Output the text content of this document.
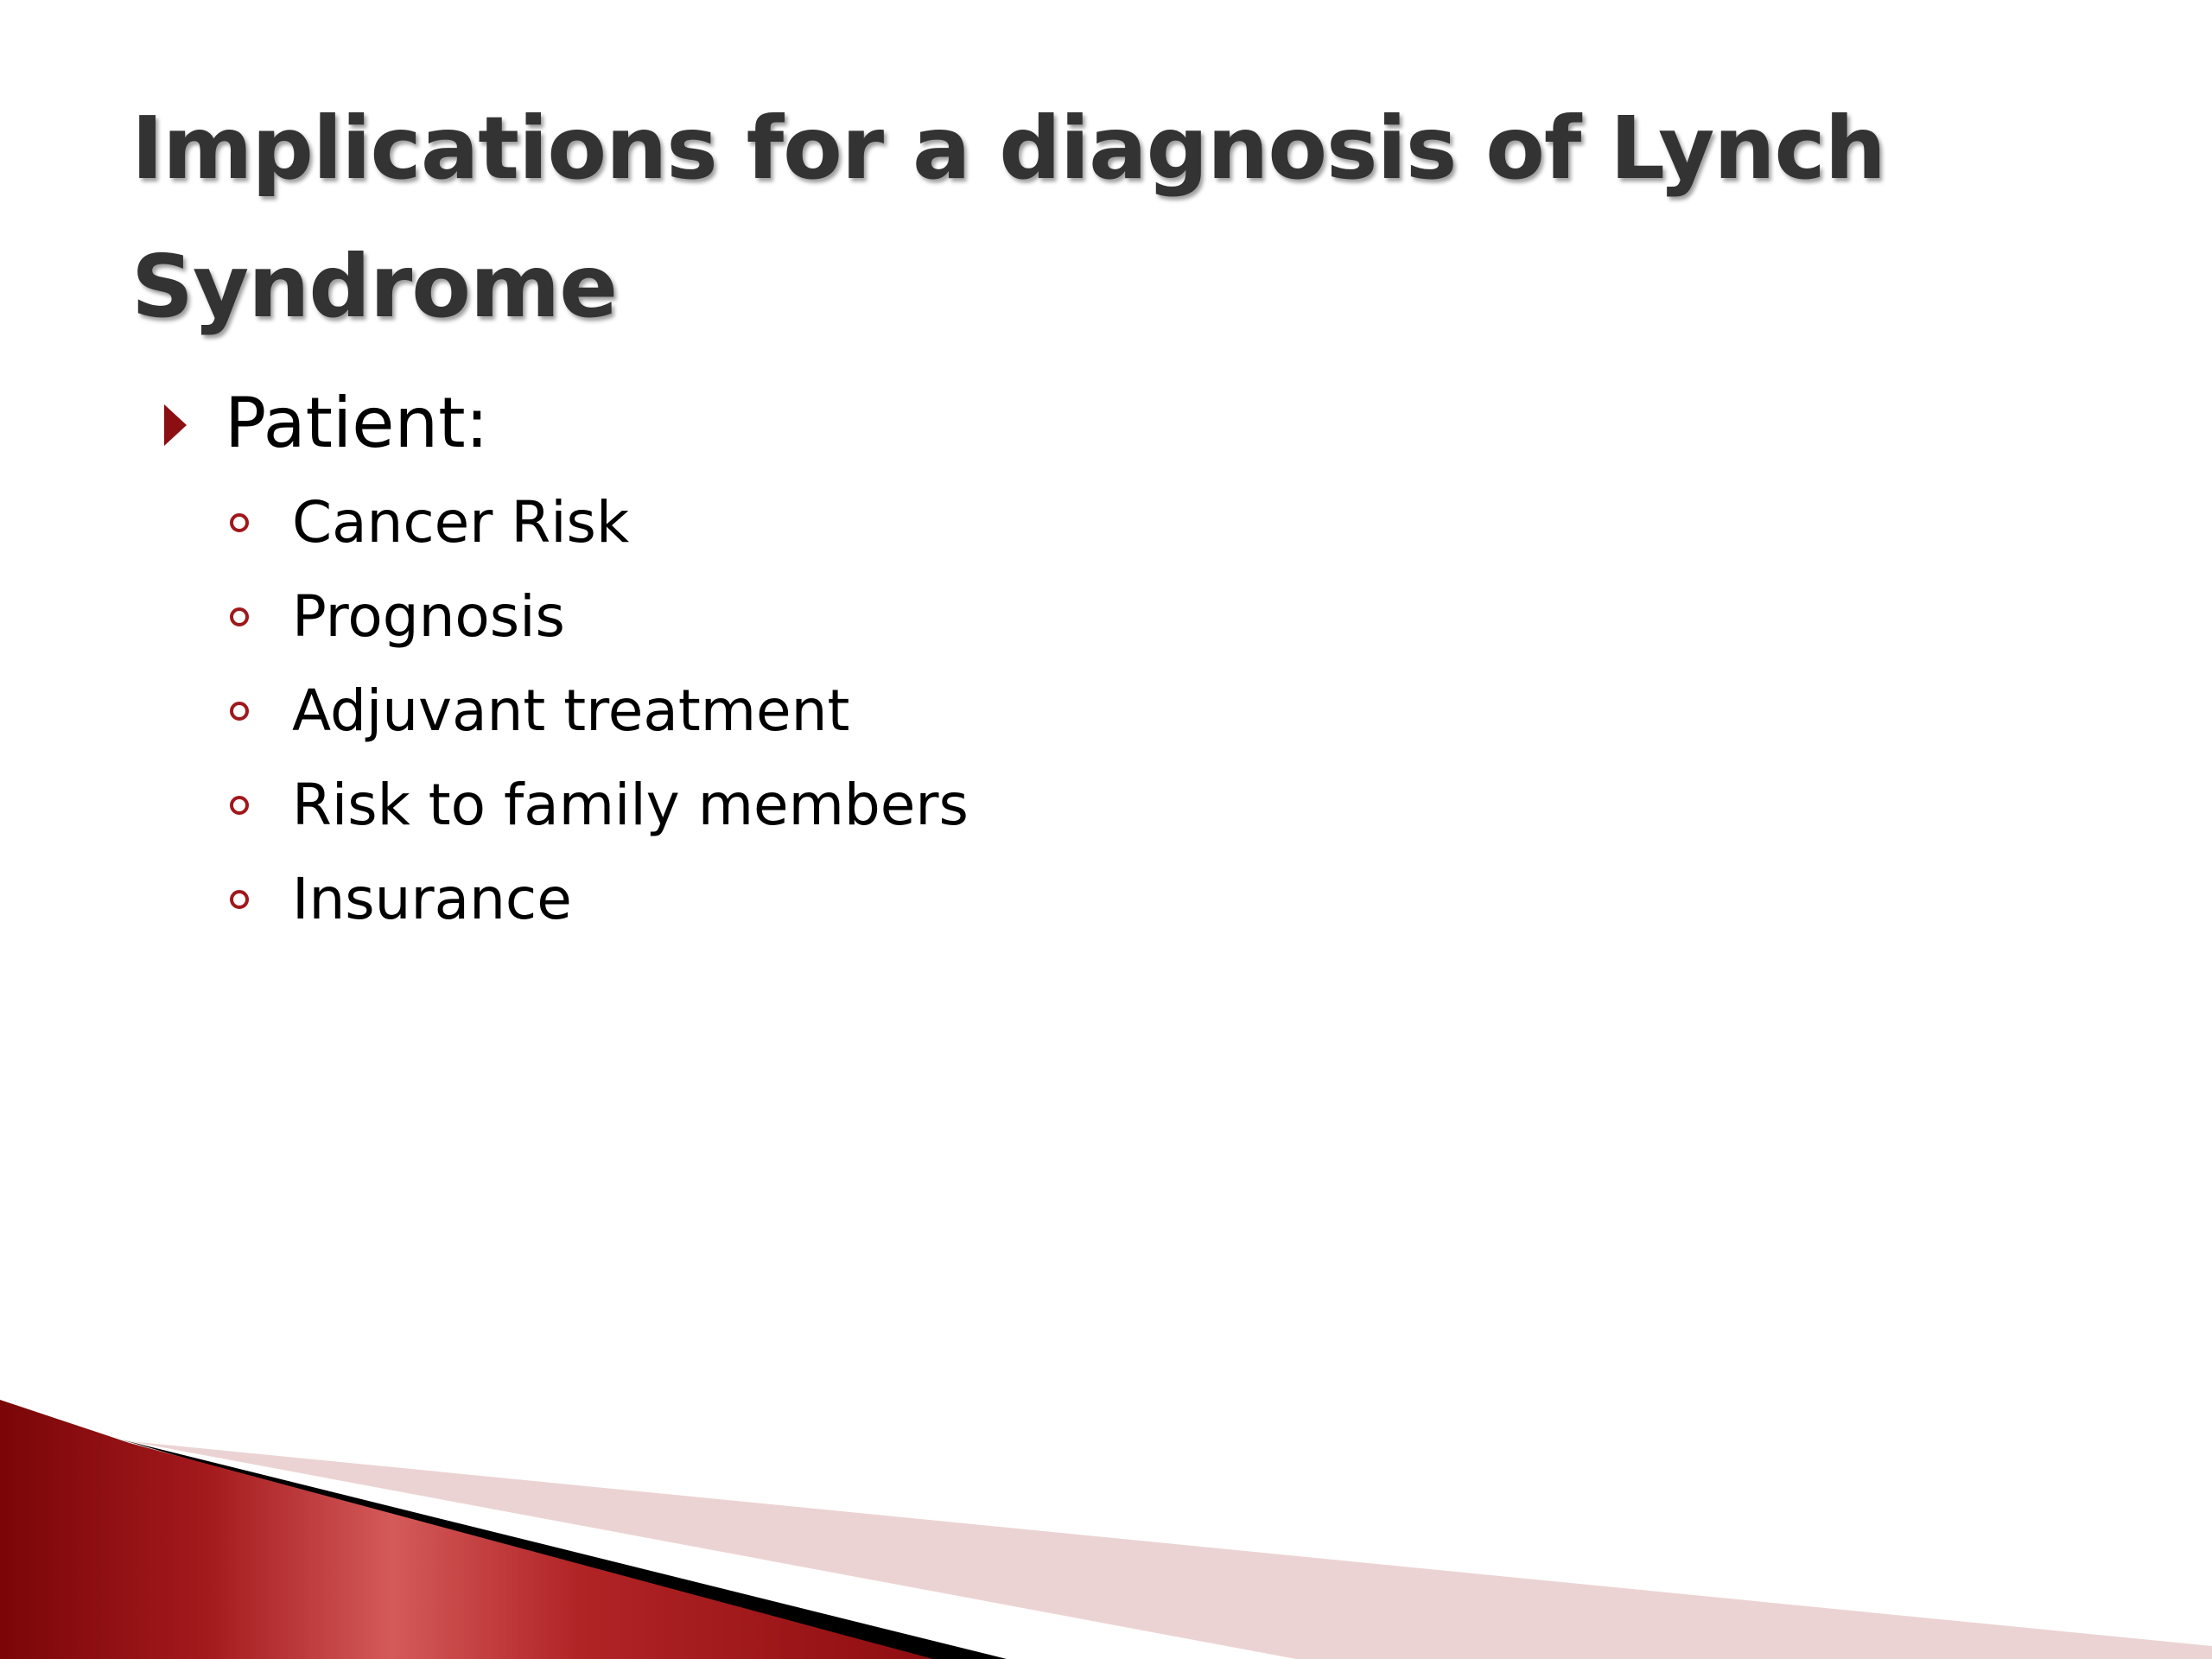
Implications for a diagnosis of Lynch Syndrome
Patient:
Cancer Risk
Prognosis
Adjuvant treatment
Risk to family members
Insurance
